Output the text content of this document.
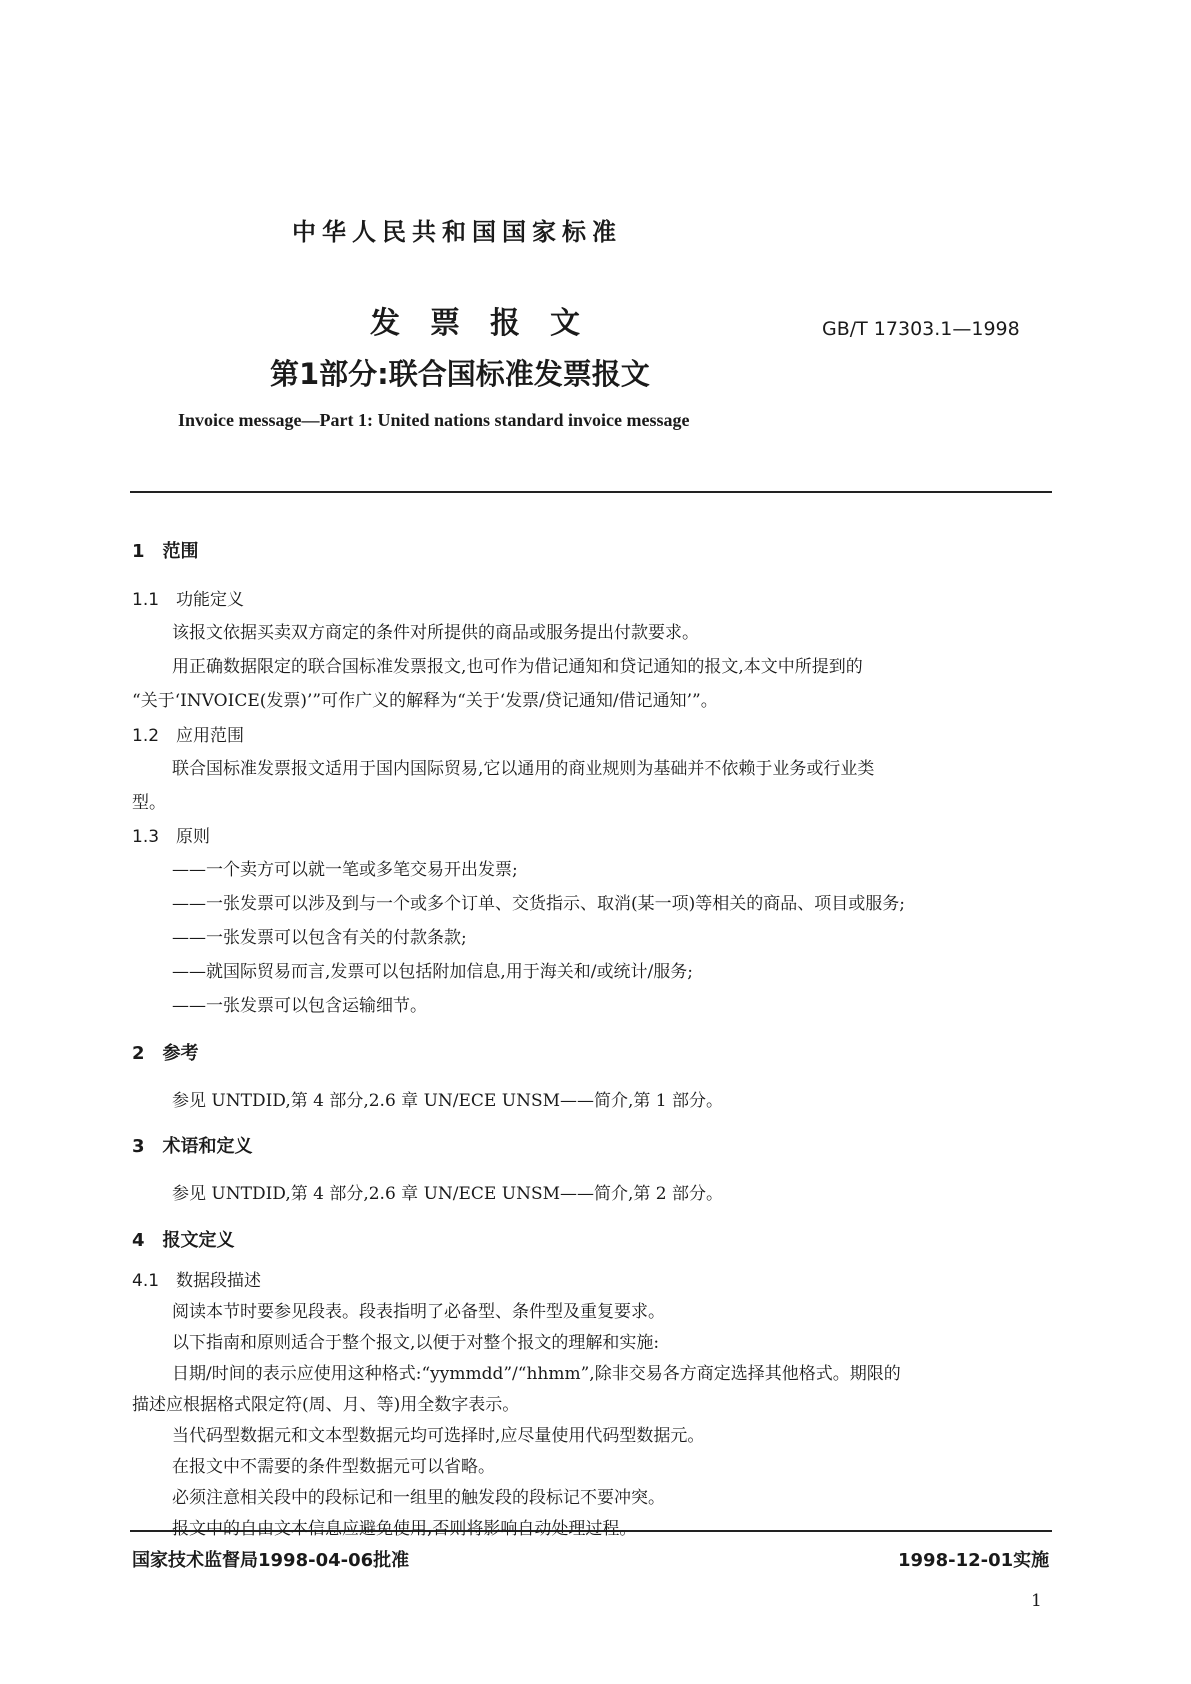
中华人民共和国国家标准
发票报文	GB/T 17303.1—1998
第1部分:联合国标准发票报文
Invoice message—Part 1: United nations standard invoice message
1　范围
1.1　功能定义
该报文依据买卖双方商定的条件对所提供的商品或服务提出付款要求。
用正确数据限定的联合国标准发票报文,也可作为借记通知和贷记通知的报文,本文中所提到的
“关于‘INVOICE(发票)’”可作广义的解释为“关于‘发票/贷记通知/借记通知’”。
1.2　应用范围
联合国标准发票报文适用于国内国际贸易,它以通用的商业规则为基础并不依赖于业务或行业类
型。
1.3　原则
——一个卖方可以就一笔或多笔交易开出发票;
——一张发票可以涉及到与一个或多个订单、交货指示、取消(某一项)等相关的商品、项目或服务;
——一张发票可以包含有关的付款条款;
——就国际贸易而言,发票可以包括附加信息,用于海关和/或统计/服务;
——一张发票可以包含运输细节。
2　参考
参见 UNTDID,第 4 部分,2.6 章 UN/ECE UNSM——简介,第 1 部分。
3　术语和定义
参见 UNTDID,第 4 部分,2.6 章 UN/ECE UNSM——简介,第 2 部分。
4　报文定义
4.1　数据段描述
阅读本节时要参见段表。段表指明了必备型、条件型及重复要求。
以下指南和原则适合于整个报文,以便于对整个报文的理解和实施:
日期/时间的表示应使用这种格式:“yymmdd”/“hhmm”,除非交易各方商定选择其他格式。期限的
描述应根据格式限定符(周、月、等)用全数字表示。
当代码型数据元和文本型数据元均可选择时,应尽量使用代码型数据元。
在报文中不需要的条件型数据元可以省略。
必须注意相关段中的段标记和一组里的触发段的段标记不要冲突。
国家技术监督局1998-04-06批准	1998-12-01实施
1
报文中的自由文本信息应避免使用,否则将影响自动处理过程。
